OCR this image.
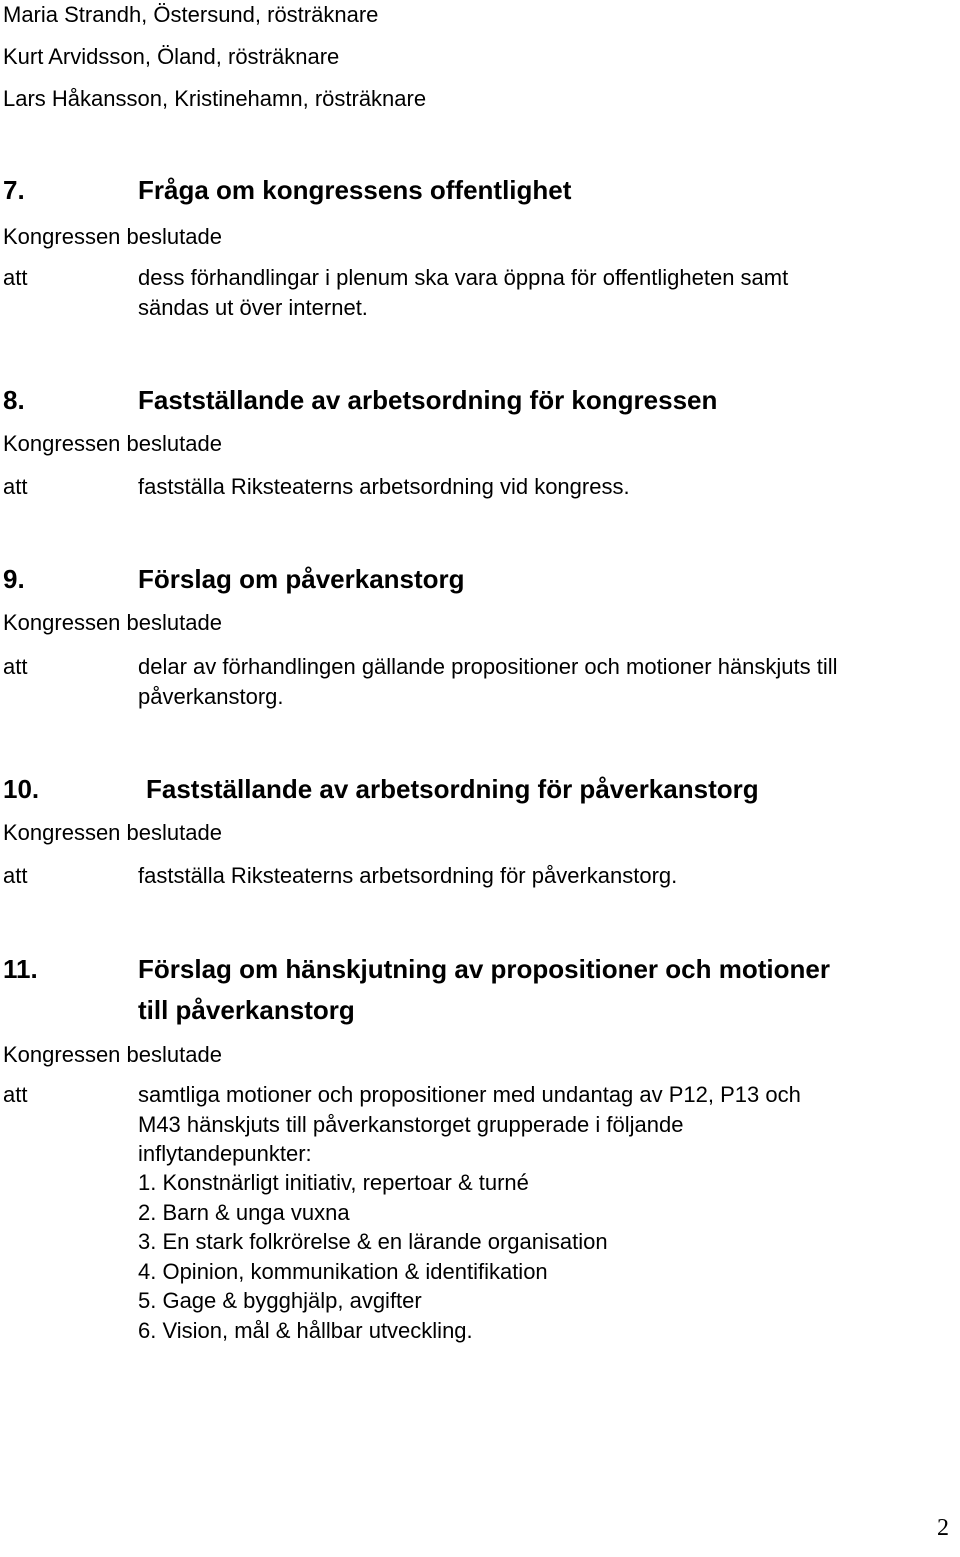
Maria Strandh, Östersund, rösträknare
Kurt Arvidsson, Öland, rösträknare
Lars Håkansson, Kristinehamn, rösträknare
7.	Fråga om kongressens offentlighet
Kongressen beslutade
att	dess förhandlingar i plenum ska vara öppna för offentligheten samt
sändas ut över internet.
8.	Fastställande av arbetsordning för kongressen
Kongressen beslutade
att	fastställa Riksteaterns arbetsordning vid kongress.
9.	Förslag om påverkanstorg
Kongressen beslutade
att	delar av förhandlingen gällande propositioner och motioner hänskjuts till
påverkanstorg.
10.	Fastställande av arbetsordning för påverkanstorg
Kongressen beslutade
att	fastställa Riksteaterns arbetsordning för påverkanstorg.
11.	Förslag om hänskjutning av propositioner och motioner
till påverkanstorg
Kongressen beslutade
att	samtliga motioner och propositioner med undantag av P12, P13 och
M43 hänskjuts till påverkanstorget grupperade i följande
inflytandepunkter:
1. Konstnärligt initiativ, repertoar & turné
2. Barn & unga vuxna
3. En stark folkrörelse & en lärande organisation
4. Opinion, kommunikation & identifikation
5. Gage & bygghjälp, avgifter
6. Vision, mål & hållbar utveckling.
2
